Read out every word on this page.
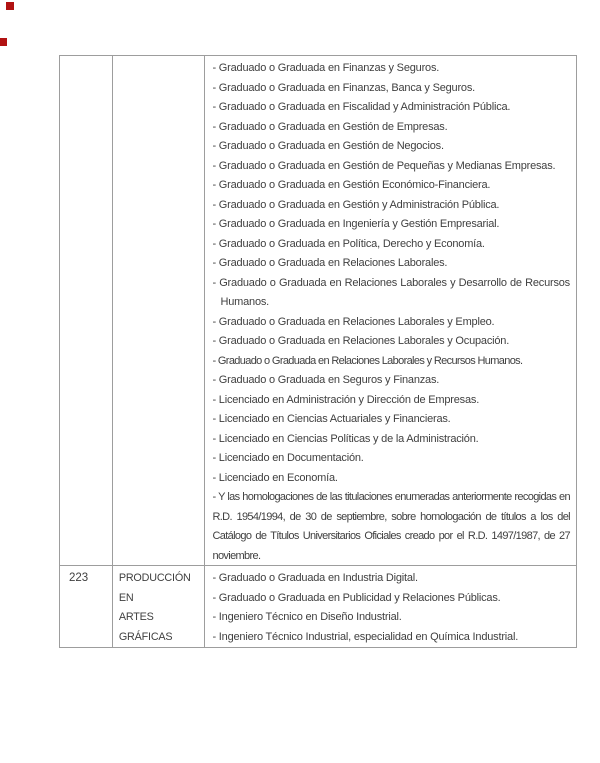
- Graduado o Graduada en Finanzas y Seguros.
- Graduado o Graduada en Finanzas, Banca y Seguros.
- Graduado o Graduada en Fiscalidad y Administración Pública.
- Graduado o Graduada en Gestión de Empresas.
- Graduado o Graduada en Gestión de Negocios.
- Graduado o Graduada en Gestión de Pequeñas y Medianas Empresas.
- Graduado o Graduada en Gestión Económico-Financiera.
- Graduado o Graduada en Gestión y Administración Pública.
- Graduado o Graduada en Ingeniería y Gestión Empresarial.
- Graduado o Graduada en Política, Derecho y Economía.
- Graduado o Graduada en Relaciones Laborales.
- Graduado o Graduada en Relaciones Laborales y Desarrollo de Recursos
Humanos.
- Graduado o Graduada en Relaciones Laborales y Empleo.
- Graduado o Graduada en Relaciones Laborales y Ocupación.
- Graduado o Graduada en Relaciones Laborales y Recursos Humanos.
- Graduado o Graduada en Seguros y Finanzas.
- Licenciado en Administración y Dirección de Empresas.
- Licenciado en Ciencias Actuariales y Financieras.
- Licenciado en Ciencias Políticas y de la Administración.
- Licenciado en Documentación.
- Licenciado en Economía.
- Y las homologaciones de las titulaciones enumeradas anteriormente recogidas en
R.D. 1954/1994, de 30 de septiembre, sobre homologación de títulos a los del
Catálogo de Títulos Universitarios Oficiales creado por el R.D. 1497/1987, de 27
noviembre.
223	PRODUCCIÓN EN
ARTES GRÁFICAS
- Graduado o Graduada en Industria Digital.
- Graduado o Graduada en Publicidad y Relaciones Públicas.
- Ingeniero Técnico en Diseño Industrial.
- Ingeniero Técnico Industrial, especialidad en Química Industrial.
